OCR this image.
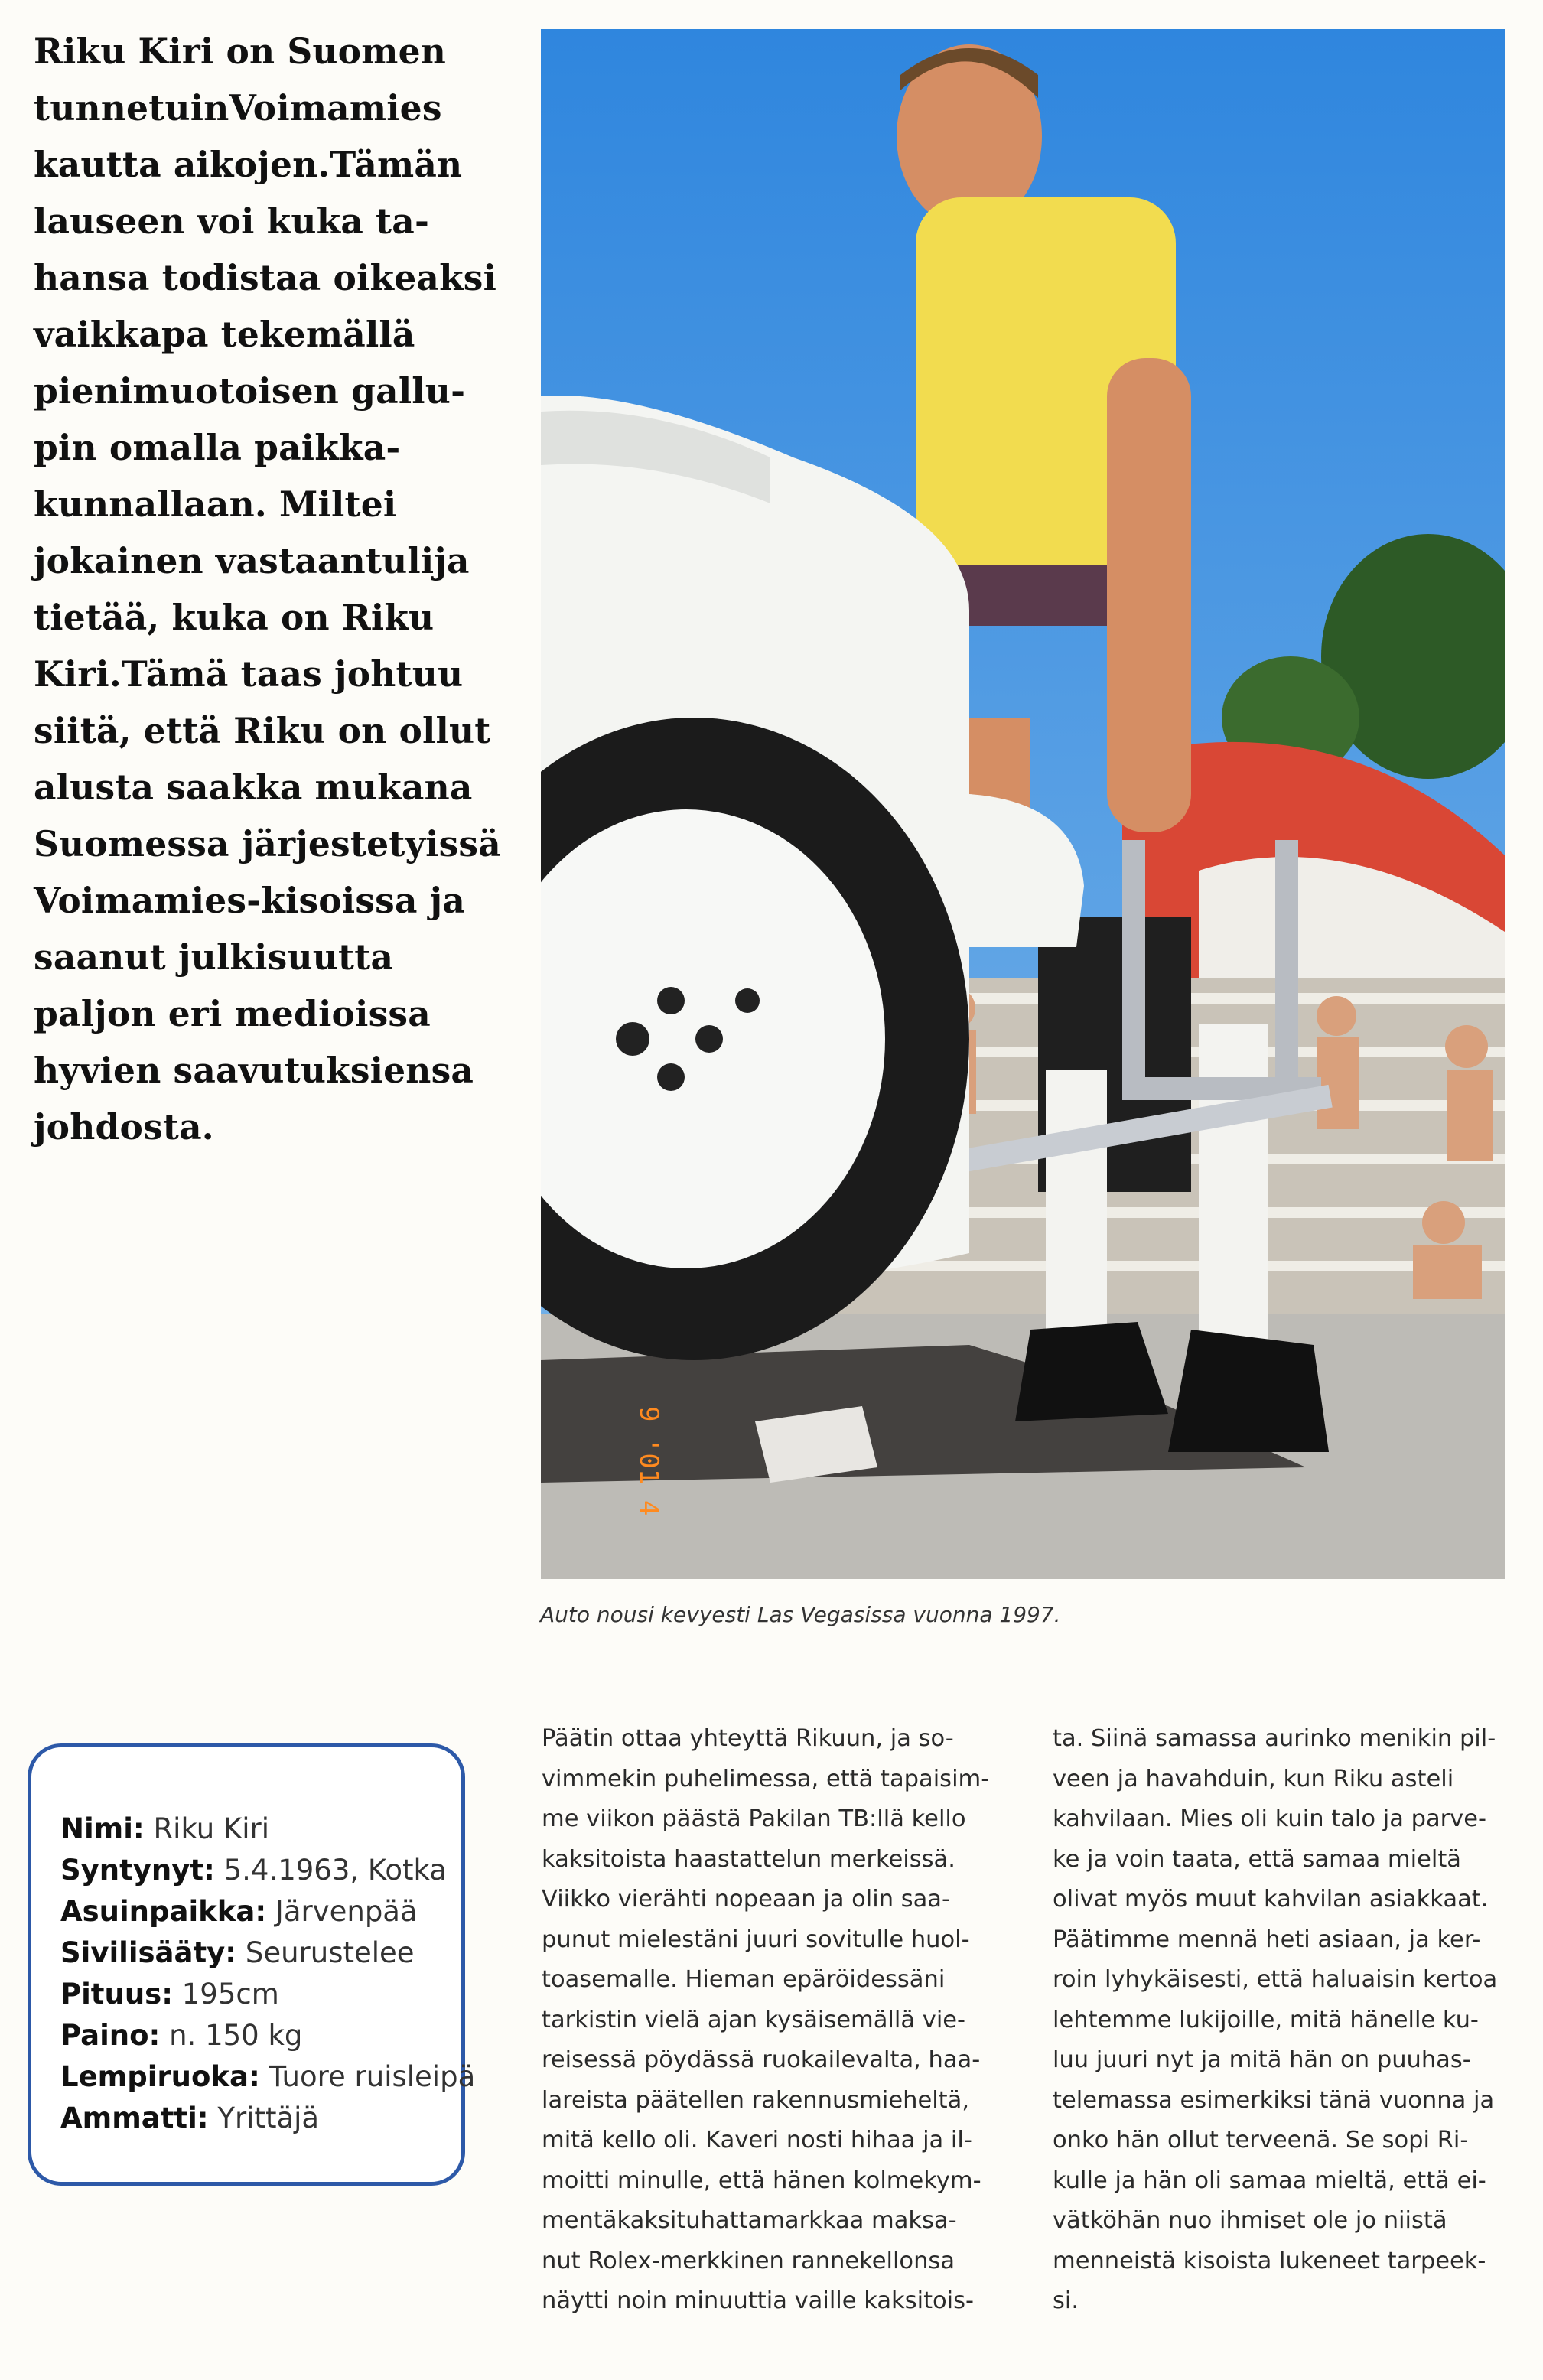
Riku Kiri on Suomen
tunnetuinVoimamies
kautta aikojen.Tämän
lauseen voi kuka ta-
hansa todistaa oikeaksi
vaikkapa tekemällä
pienimuotoisen gallu-
pin omalla paikka-
kunnallaan. Miltei
jokainen vastaantulija
tietää, kuka on Riku
Kiri.Tämä taas johtuu
siitä, että Riku on ollut
alusta saakka mukana
Suomessa järjestetyissä
Voimamies-kisoissa ja
saanut julkisuutta
paljon eri medioissa
hyvien saavutuksiensa
johdosta.
9 '01 4
Auto nousi kevyesti Las Vegasissa vuonna 1997.
Nimi: Riku Kiri
Syntynyt: 5.4.1963, Kotka
Asuinpaikka: Järvenpää
Sivilisääty: Seurustelee
Pituus: 195cm
Paino: n. 150 kg
Lempiruoka: Tuore ruisleipä
Ammatti: Yrittäjä
Päätin ottaa yhteyttä Rikuun, ja so-
vimmekin puhelimessa, että tapaisim-
me viikon päästä Pakilan TB:llä kello
kaksitoista haastattelun merkeissä.
Viikko vierähti nopeaan ja olin saa-
punut mielestäni juuri sovitulle huol-
toasemalle. Hieman epäröidessäni
tarkistin vielä ajan kysäisemällä vie-
reisessä pöydässä ruokailevalta, haa-
lareista päätellen rakennusmieheltä,
mitä kello oli. Kaveri nosti hihaa ja il-
moitti minulle, että hänen kolmekym-
mentäkaksituhattamarkkaa maksa-
nut Rolex-merkkinen rannekellonsa
näytti noin minuuttia vaille kaksitois-
ta. Siinä samassa aurinko menikin pil-
veen ja havahduin, kun Riku asteli
kahvilaan. Mies oli kuin talo ja parve-
ke ja voin taata, että samaa mieltä
olivat myös muut kahvilan asiakkaat.
Päätimme mennä heti asiaan, ja ker-
roin lyhykäisesti, että haluaisin kertoa
lehtemme lukijoille, mitä hänelle ku-
luu juuri nyt ja mitä hän on puuhas-
telemassa esimerkiksi tänä vuonna ja
onko hän ollut terveenä. Se sopi Ri-
kulle ja hän oli samaa mieltä, että ei-
vätköhän nuo ihmiset ole jo niistä
menneistä kisoista lukeneet tarpeek-
si.
